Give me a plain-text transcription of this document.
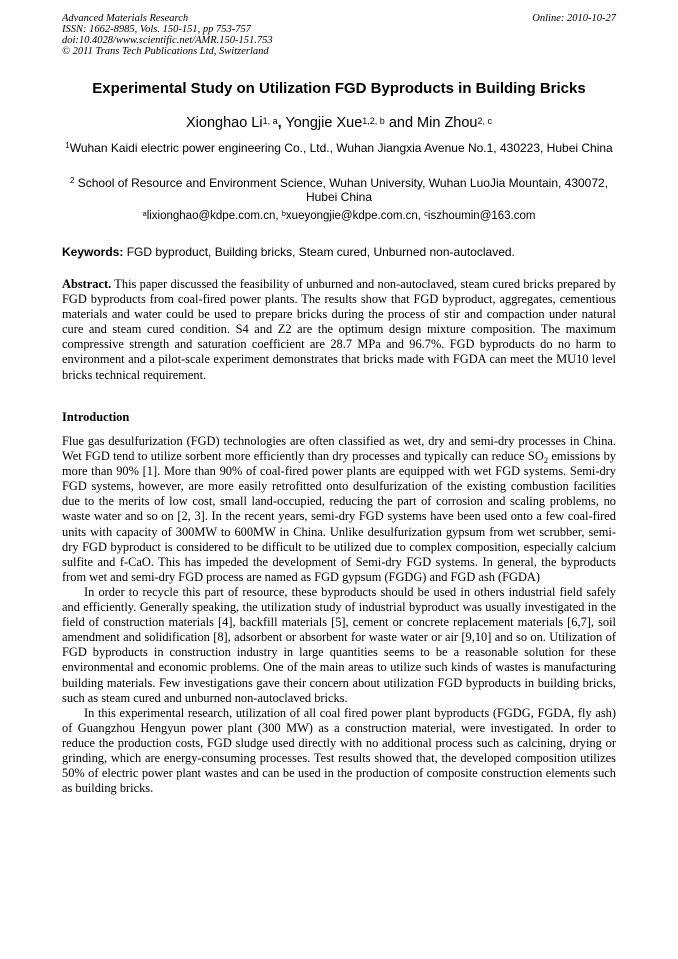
Advanced Materials Research
ISSN: 1662-8985, Vols. 150-151, pp 753-757
doi:10.4028/www.scientific.net/AMR.150-151.753
© 2011 Trans Tech Publications Ltd, Switzerland
Online: 2010-10-27
Experimental Study on Utilization FGD Byproducts in Building Bricks
Xionghao Li$^{1, a}$, Yongjie Xue$^{1,2, b}$ and Min Zhou$^{2, c}$
$^1$Wuhan Kaidi electric power engineering Co., Ltd., Wuhan Jiangxia Avenue No.1, 430223, Hubei China
$^2$ School of Resource and Environment Science, Wuhan University, Wuhan LuoJia Mountain, 430072, Hubei China
$^a$lixionghao@kdpe.com.cn, $^b$xueyongjie@kdpe.com.cn, $^c$iszhoumin@163.com
Keywords: FGD byproduct, Building bricks, Steam cured, Unburned non-autoclaved.
Abstract. This paper discussed the feasibility of unburned and non-autoclaved, steam cured bricks prepared by FGD byproducts from coal-fired power plants. The results show that FGD byproduct, aggregates, cementious materials and water could be used to prepare bricks during the process of stir and compaction under natural cure and steam cured condition. S4 and Z2 are the optimum design mixture composition. The maximum compressive strength and saturation coefficient are 28.7 MPa and 96.7%. FGD byproducts do no harm to environment and a pilot-scale experiment demonstrates that bricks made with FGDA can meet the MU10 level bricks technical requirement.
Introduction

Flue gas desulfurization (FGD) technologies are often classified as wet, dry and semi-dry processes in China. Wet FGD tend to utilize sorbent more efficiently than dry processes and typically can reduce $SO_2$ emissions by more than 90% [1]. More than 90% of coal-fired power plants are equipped with wet FGD systems. Semi-dry FGD systems, however, are more easily retrofitted onto desulfurization of the existing combustion facilities due to the merits of low cost, small land-occupied, reducing the part of corrosion and scaling problems, no waste water and so on [2, 3]. In the recent years, semi-dry FGD systems have been used onto a few coal-fired units with capacity of 300MW to 600MW in China. Unlike desulfurization gypsum from wet scrubber, semi-dry FGD byproduct is considered to be difficult to be utilized due to complex composition, especially calcium sulfite and f-CaO. This has impeded the development of Semi-dry FGD systems. In general, the byproducts from wet and semi-dry FGD process are named as FGD gypsum (FGDG) and FGD ash (FGDA)

In order to recycle this part of resource, these byproducts should be used in others industrial field safely and efficiently. Generally speaking, the utilization study of industrial byproduct was usually investigated in the field of construction materials [4], backfill materials [5], cement or concrete replacement materials [6,7], soil amendment and solidification [8], adsorbent or absorbent for waste water or air [9,10] and so on. Utilization of FGD byproducts in construction industry in large quantities seems to be a reasonable solution for these environmental and economic problems. One of the main areas to utilize such kinds of wastes is manufacturing building materials. Few investigations gave their concern about utilization FGD byproducts in building bricks, such as steam cured and unburned non-autoclaved bricks.

In this experimental research, utilization of all coal fired power plant byproducts (FGDG, FGDA, fly ash) of Guangzhou Hengyun power plant (300 MW) as a construction material, were investigated. In order to reduce the production costs, FGD sludge used directly with no additional process such as calcining, drying or grinding, which are energy-consuming processes. Test results showed that, the developed composition utilizes 50% of electric power plant wastes and can be used in the production of composite construction elements such as building bricks.
